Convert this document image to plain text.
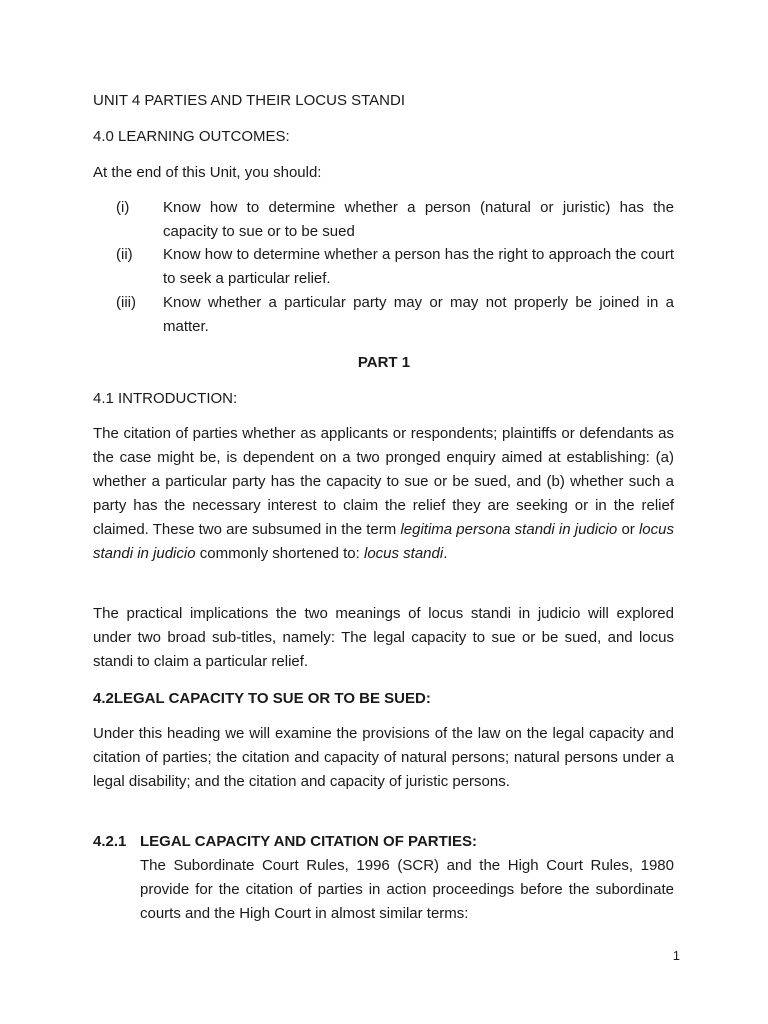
UNIT 4 PARTIES AND THEIR LOCUS STANDI

4.0 LEARNING OUTCOMES:

At the end of this Unit, you should:

(i) Know how to determine whether a person (natural or juristic) has the capacity to sue or to be sued
(ii) Know how to determine whether a person has the right to approach the court to seek a particular relief.
(iii) Know whether a particular party may or may not properly be joined in a matter.

PART 1

4.1 INTRODUCTION:

The citation of parties whether as applicants or respondents; plaintiffs or defendants as the case might be, is dependent on a two pronged enquiry aimed at establishing: (a) whether a particular party has the capacity to sue or be sued, and (b) whether such a party has the necessary interest to claim the relief they are seeking or in the relief claimed. These two are subsumed in the term legitima persona standi in judicio or locus standi in judicio commonly shortened to: locus standi.

The practical implications the two meanings of locus standi in judicio will explored under two broad sub-titles, namely: The legal capacity to sue or be sued, and locus standi to claim a particular relief.

4.2LEGAL CAPACITY TO SUE OR TO BE SUED:

Under this heading we will examine the provisions of the law on the legal capacity and citation of parties; the citation and capacity of natural persons; natural persons under a legal disability; and the citation and capacity of juristic persons.

4.2.1 LEGAL CAPACITY AND CITATION OF PARTIES:

The Subordinate Court Rules, 1996 (SCR) and the High Court Rules, 1980 provide for the citation of parties in action proceedings before the subordinate courts and the High Court in almost similar terms:

1
